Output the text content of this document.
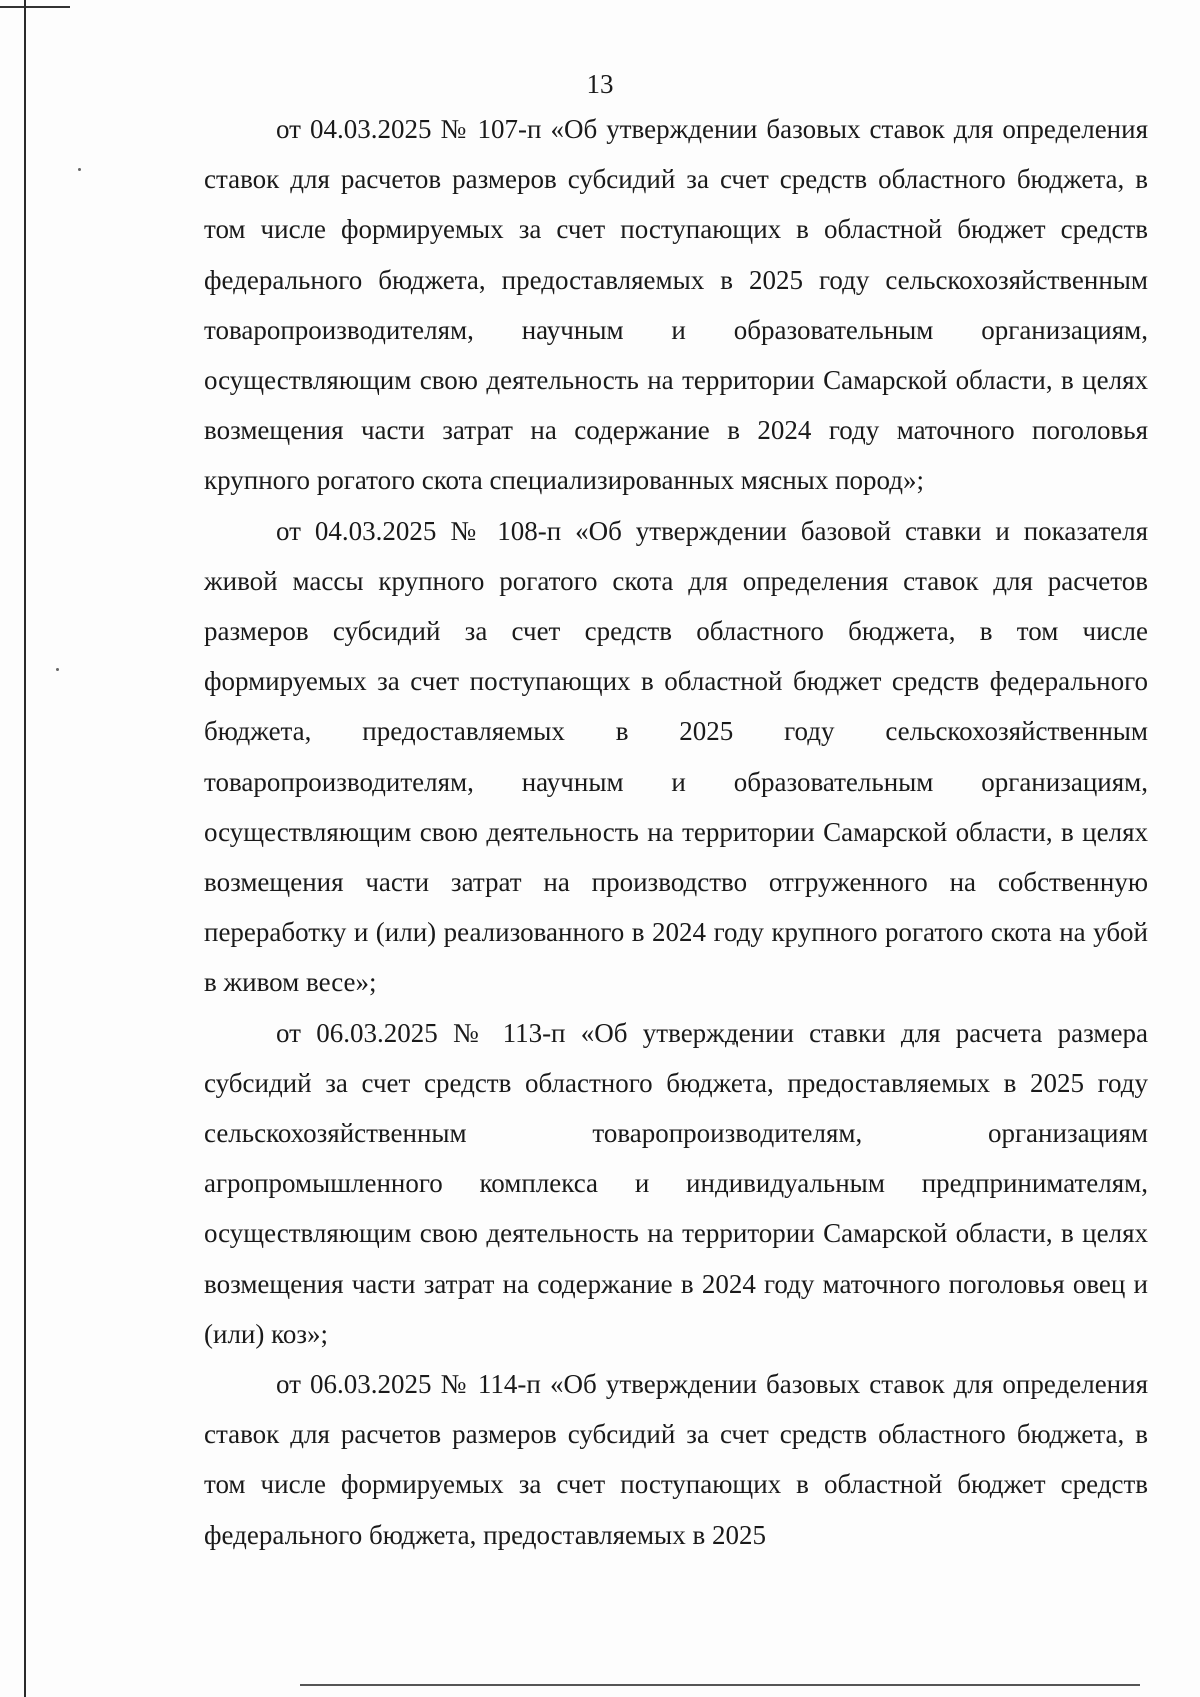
13

от 04.03.2025 № 107-п «Об утверждении базовых ставок для определения ставок для расчетов размеров субсидий за счет средств областного бюджета, в том числе формируемых за счет поступающих в областной бюджет средств федерального бюджета, предоставляемых в 2025 году сельскохозяйственным товаропроизводителям, научным и образовательным организациям, осуществляющим свою деятельность на территории Самарской области, в целях возмещения части затрат на содержание в 2024 году маточного поголовья крупного рогатого скота специализированных мясных пород»;

от 04.03.2025 № 108-п «Об утверждении базовой ставки и показателя живой массы крупного рогатого скота для определения ставок для расчетов размеров субсидий за счет средств областного бюджета, в том числе формируемых за счет поступающих в областной бюджет средств федерального бюджета, предоставляемых в 2025 году сельскохозяйственным товаропроизводителям, научным и образовательным организациям, осуществляющим свою деятельность на территории Самарской области, в целях возмещения части затрат на производство отгруженного на собственную переработку и (или) реализованного в 2024 году крупного рогатого скота на убой в живом весе»;

от 06.03.2025 № 113-п «Об утверждении ставки для расчета размера субсидий за счет средств областного бюджета, предоставляемых в 2025 году сельскохозяйственным товаропроизводителям, организациям агропромышленного комплекса и индивидуальным предпринимателям, осуществляющим свою деятельность на территории Самарской области, в целях возмещения части затрат на содержание в 2024 году маточного поголовья овец и (или) коз»;

от 06.03.2025 № 114-п «Об утверждении базовых ставок для определения ставок для расчетов размеров субсидий за счет средств областного бюджета, в том числе формируемых за счет поступающих в областной бюджет средств федерального бюджета, предоставляемых в 2025
